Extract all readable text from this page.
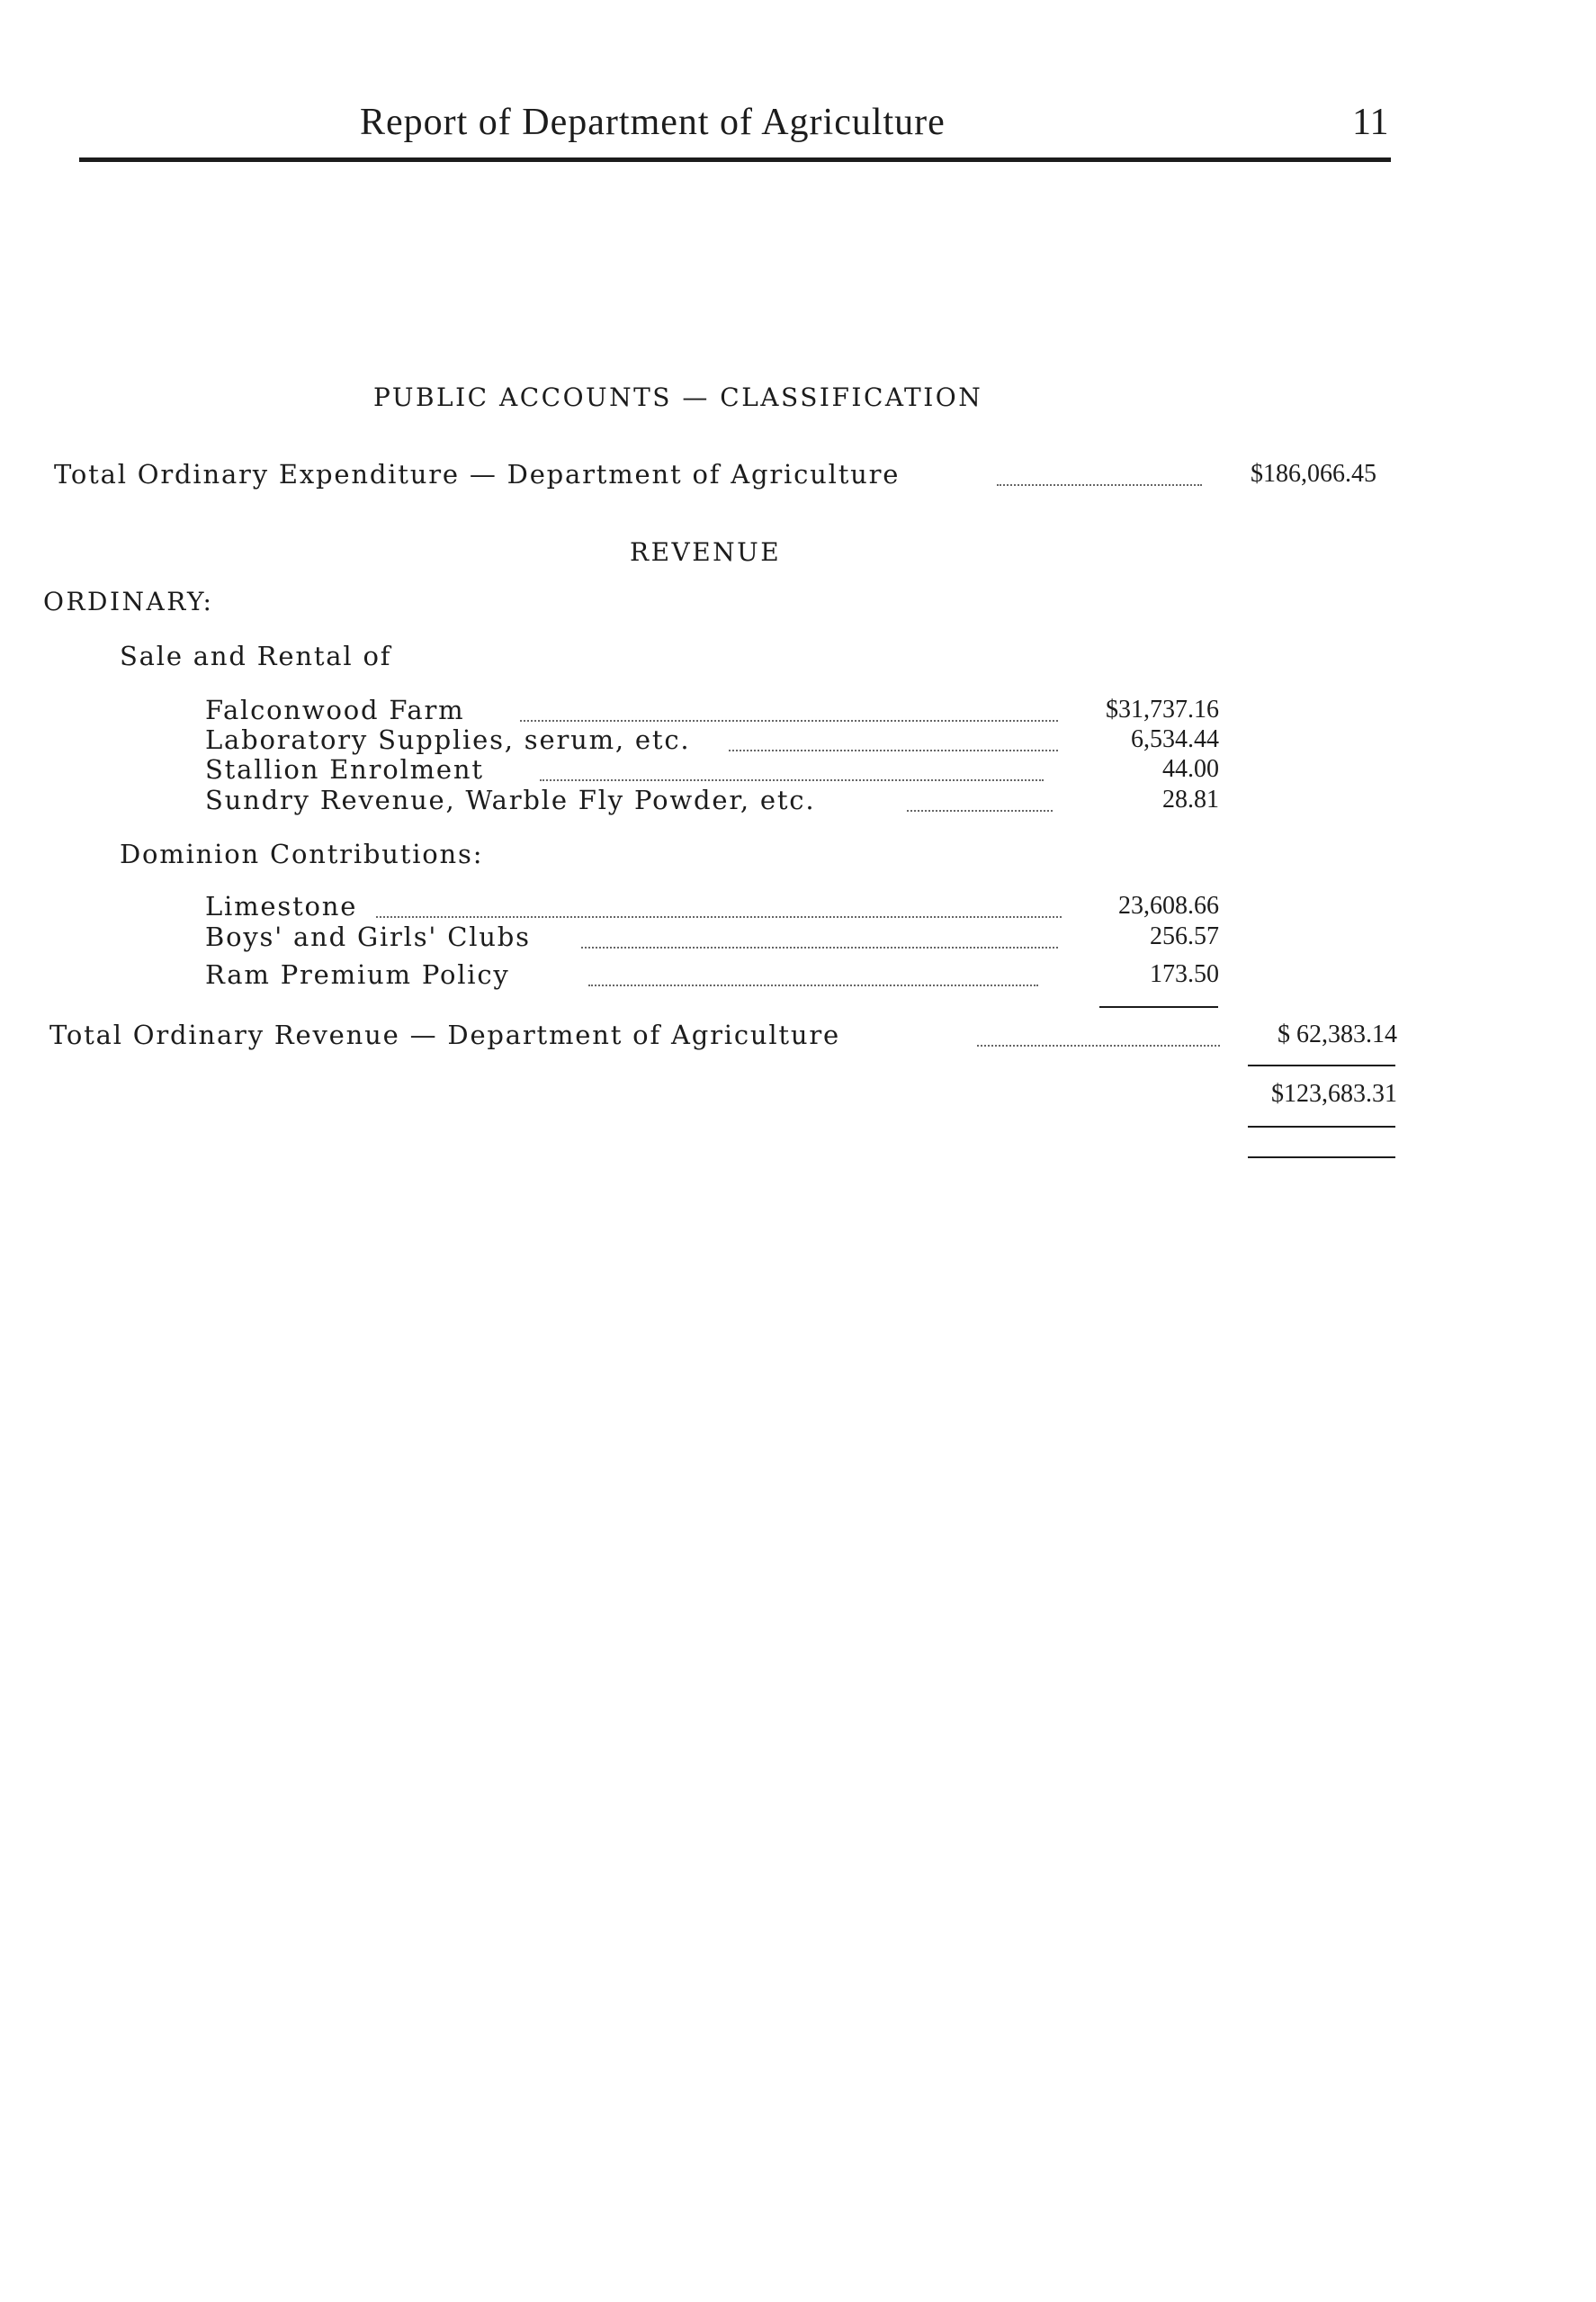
Report of Department of Agriculture	11
PUBLIC ACCOUNTS — CLASSIFICATION
Total Ordinary Expenditure — Department of Agriculture	$186,066.45
REVENUE
ORDINARY:
Sale and Rental of
Falconwood Farm	$31,737.16
Laboratory Supplies, serum, etc.	6,534.44
Stallion Enrolment	44.00
Sundry Revenue, Warble Fly Powder, etc.	28.81
Dominion Contributions:
Limestone	23,608.66
Boys' and Girls' Clubs	256.57
Ram Premium Policy	173.50
Total Ordinary Revenue — Department of Agriculture	$ 62,383.14
$123,683.31
